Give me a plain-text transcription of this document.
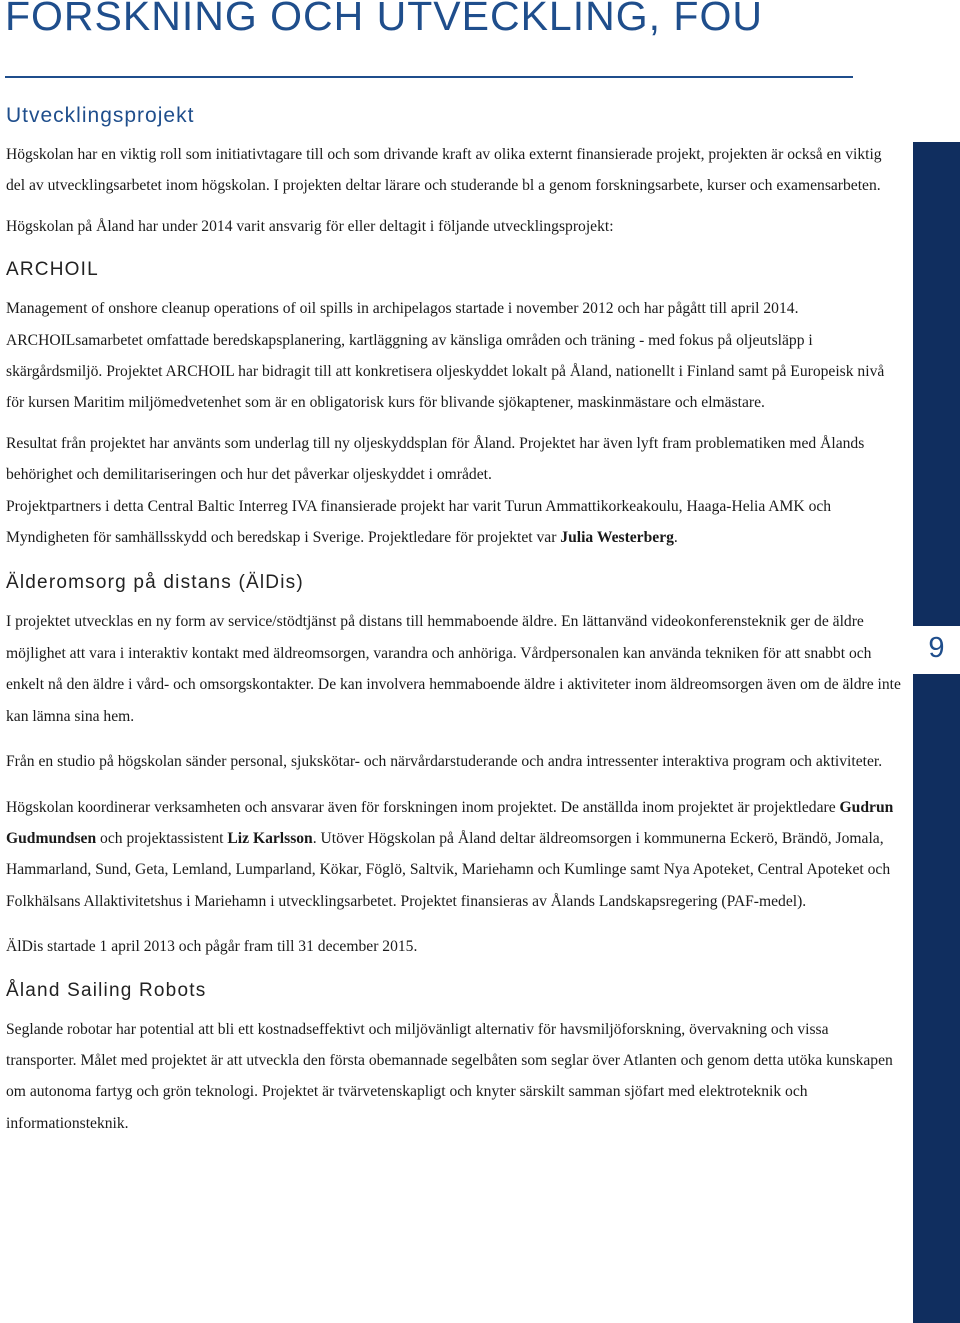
FORSKNING OCH UTVECKLING, FOU
9
Utvecklingsprojekt

Högskolan har en viktig roll som initiativtagare till och som drivande kraft av olika externt finansierade projekt, projekten är också en viktig del av utvecklingsarbetet inom högskolan. I projekten deltar lärare och studerande bl a genom forskningsarbete, kurser och examensarbeten.

Högskolan på Åland har under 2014 varit ansvarig för eller deltagit i följande utvecklingsprojekt:

ARCHOIL

Management of onshore cleanup operations of oil spills in archipelagos startade i november 2012 och har pågått till april 2014. ARCHOILsamarbetet omfattade beredskapsplanering, kartläggning av känsliga områden och träning - med fokus på oljeutsläpp i skärgårdsmiljö. Projektet ARCHOIL har bidragit till att konkretisera oljeskyddet lokalt på Åland, nationellt i Finland samt på Europeisk nivå för kursen Maritim miljömedvetenhet som är en obligatorisk kurs för blivande sjökaptener, maskinmästare och elmästare.

Resultat från projektet har använts som underlag till ny oljeskyddsplan för Åland. Projektet har även lyft fram problematiken med Ålands behörighet och demilitariseringen och hur det påverkar oljeskyddet i området.

Projektpartners i detta Central Baltic Interreg IVA finansierade projekt har varit Turun Ammattikorkeakoulu, Haaga-Helia AMK och Myndigheten för samhällsskydd och beredskap i Sverige. Projektledare för projektet var Julia Westerberg.

Älderomsorg på distans (ÄlDis)

I projektet utvecklas en ny form av service/stödtjänst på distans till hemmaboende äldre. En lättanvänd videokonferensteknik ger de äldre möjlighet att vara i interaktiv kontakt med äldreomsorgen, varandra och anhöriga. Vårdpersonalen kan använda tekniken för att snabbt och enkelt nå den äldre i vård- och omsorgskontakter. De kan involvera hemmaboende äldre i aktiviteter inom äldreomsorgen även om de äldre inte kan lämna sina hem.

Från en studio på högskolan sänder personal, sjukskötar- och närvårdarstuderande och andra intressenter interaktiva program och aktiviteter.

Högskolan koordinerar verksamheten och ansvarar även för forskningen inom projektet. De anställda inom projektet är projektledare Gudrun Gudmundsen och projektassistent Liz Karlsson. Utöver Högskolan på Åland deltar äldreomsorgen i kommunerna Eckerö, Brändö, Jomala, Hammarland, Sund, Geta, Lemland, Lumparland, Kökar, Föglö, Saltvik, Mariehamn och Kumlinge samt Nya Apoteket, Central Apoteket och Folkhälsans Allaktivitetshus i Mariehamn i utvecklingsarbetet. Projektet finansieras av Ålands Landskapsregering (PAF-medel).

ÄlDis startade 1 april 2013 och pågår fram till 31 december 2015.

Åland Sailing Robots

Seglande robotar har potential att bli ett kostnadseffektivt och miljövänligt alternativ för havsmiljöforskning, övervakning och vissa transporter. Målet med projektet är att utveckla den första obemannade segelbåten som seglar över Atlanten och genom detta utöka kunskapen om autonoma fartyg och grön teknologi. Projektet är tvärvetenskapligt och knyter särskilt samman sjöfart med elektroteknik och informationsteknik.
